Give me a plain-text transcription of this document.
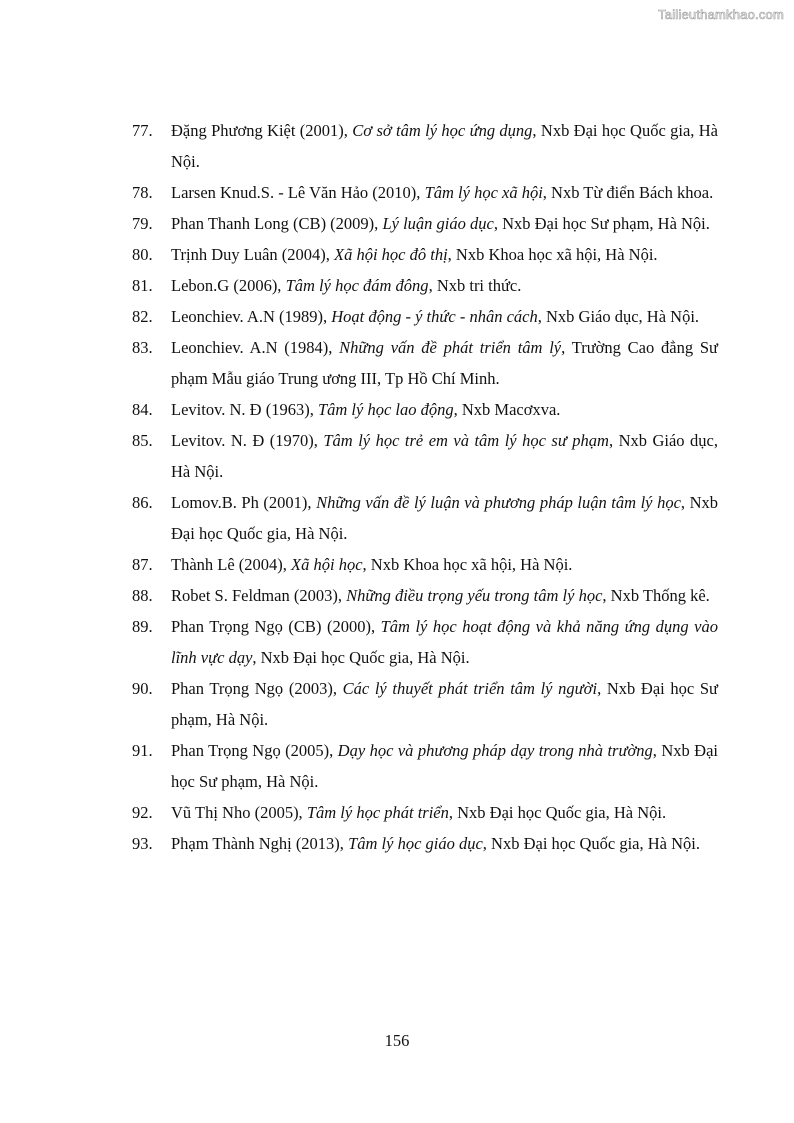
Tailieuthamkhao.com
77.	Đặng Phương Kiệt (2001), Cơ sở tâm lý học ứng dụng, Nxb Đại học Quốc gia, Hà Nội.
78.	Larsen Knud.S. - Lê Văn Hảo (2010), Tâm lý học xã hội, Nxb Từ điển Bách khoa.
79.	Phan Thanh Long (CB) (2009), Lý luận giáo dục, Nxb Đại học Sư phạm, Hà Nội.
80.	Trịnh Duy Luân (2004), Xã hội học đô thị, Nxb Khoa học xã hội, Hà Nội.
81.	Lebon.G (2006), Tâm lý học đám đông, Nxb tri thức.
82.	Leonchiev. A.N (1989), Hoạt động - ý thức - nhân cách, Nxb Giáo dục, Hà Nội.
83.	Leonchiev. A.N (1984), Những vấn đề phát triển tâm lý, Trường Cao đẳng Sư phạm Mẫu giáo Trung ương III, Tp Hồ Chí Minh.
84.	Levitov. N. Đ (1963), Tâm lý học lao động, Nxb Macơxva.
85.	Levitov. N. Đ (1970), Tâm lý học trẻ em và tâm lý học sư phạm, Nxb Giáo dục, Hà Nội.
86.	Lomov.B. Ph (2001), Những vấn đề lý luận và phương pháp luận tâm lý học, Nxb Đại học Quốc gia, Hà Nội.
87.	Thành Lê (2004), Xã hội học, Nxb Khoa học xã hội, Hà Nội.
88.	Robet S. Feldman (2003), Những điều trọng yếu trong tâm lý học, Nxb Thống kê.
89.	Phan Trọng Ngọ (CB) (2000), Tâm lý học hoạt động và khả năng ứng dụng vào lĩnh vực dạy, Nxb Đại học Quốc gia, Hà Nội.
90.	Phan Trọng Ngọ (2003), Các lý thuyết phát triển tâm lý người, Nxb Đại học Sư phạm, Hà Nội.
91.	Phan Trọng Ngọ (2005), Dạy học và phương pháp dạy trong nhà trường, Nxb Đại học Sư phạm, Hà Nội.
92.	Vũ Thị Nho (2005), Tâm lý học phát triển, Nxb Đại học Quốc gia, Hà Nội.
93.	Phạm Thành Nghị (2013), Tâm lý học giáo dục, Nxb Đại học Quốc gia, Hà Nội.
156
